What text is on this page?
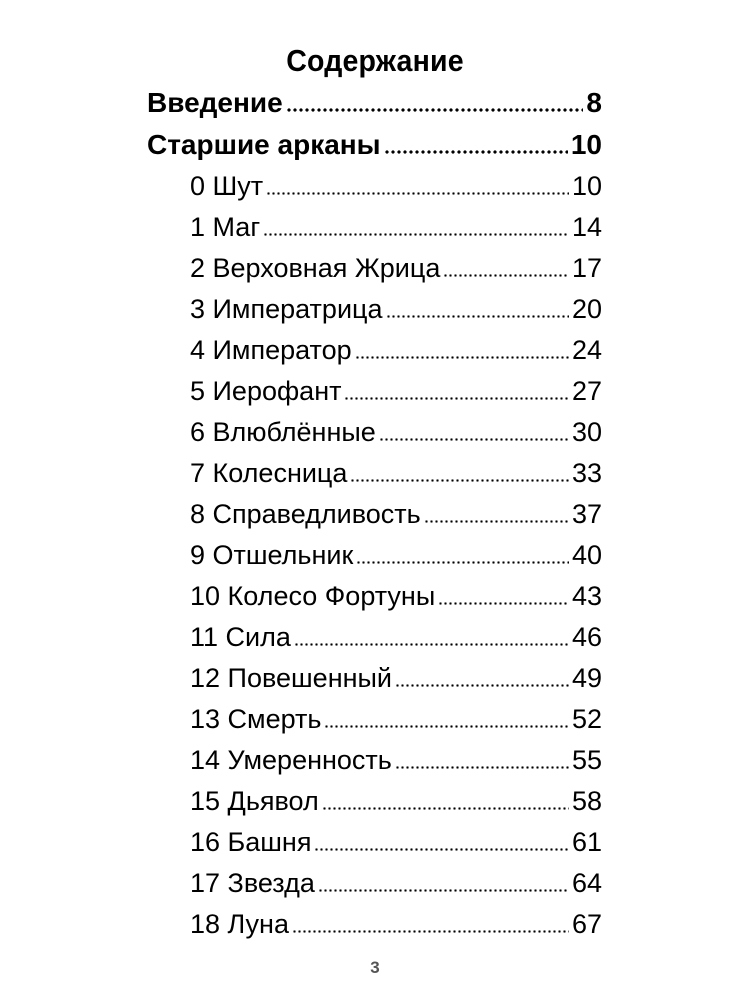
Содержание
Введение	8
Старшие арканы	10
0 Шут	10
1 Маг	14
2 Верховная Жрица	17
3 Императрица	20
4 Император	24
5 Иерофант	27
6 Влюблённые	30
7 Колесница	33
8 Справедливость	37
9 Отшельник	40
10 Колесо Фортуны	43
11 Сила	46
12 Повешенный	49
13 Смерть	52
14 Умеренность	55
15 Дьявол	58
16 Башня	61
17 Звезда	64
18 Луна	67
3
